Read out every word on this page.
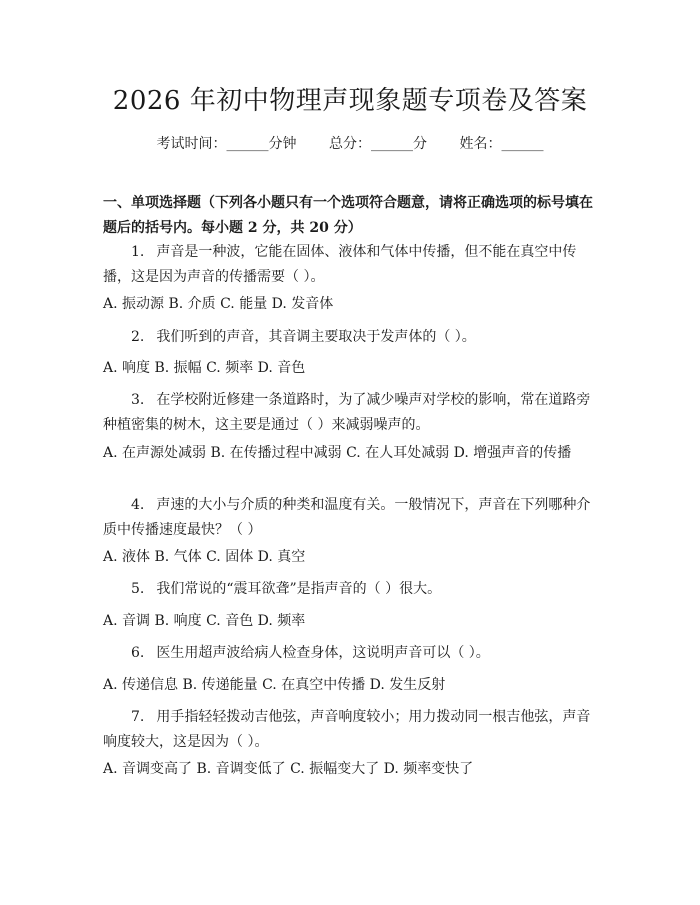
2026 年初中物理声现象题专项卷及答案
考试时间：______分钟 总分：______分 姓名：______

一、单项选择题（下列各小题只有一个选项符合题意，请将正确选项的标号填在题后的括号内。每小题 2 分，共 20 分）

1. 声音是一种波，它能在固体、液体和气体中传播，但不能在真空中传播，这是因为声音的传播需要（ ）。

A. 振动源 B. 介质 C. 能量 D. 发音体

2. 我们听到的声音，其音调主要取决于发声体的（ ）。

A. 响度 B. 振幅 C. 频率 D. 音色

3. 在学校附近修建一条道路时，为了减少噪声对学校的影响，常在道路旁种植密集的树木，这主要是通过（ ）来减弱噪声的。

A. 在声源处减弱 B. 在传播过程中减弱 C. 在人耳处减弱 D. 增强声音的传播

4. 声速的大小与介质的种类和温度有关。一般情况下，声音在下列哪种介质中传播速度最快？（ ）

A. 液体 B. 气体 C. 固体 D. 真空

5. 我们常说的“震耳欲聋”是指声音的（ ）很大。

A. 音调 B. 响度 C. 音色 D. 频率

6. 医生用超声波给病人检查身体，这说明声音可以（ ）。

A. 传递信息 B. 传递能量 C. 在真空中传播 D. 发生反射

7. 用手指轻轻拨动吉他弦，声音响度较小；用力拨动同一根吉他弦，声音响度较大，这是因为（ ）。

A. 音调变高了 B. 音调变低了 C. 振幅变大了 D. 频率变快了
